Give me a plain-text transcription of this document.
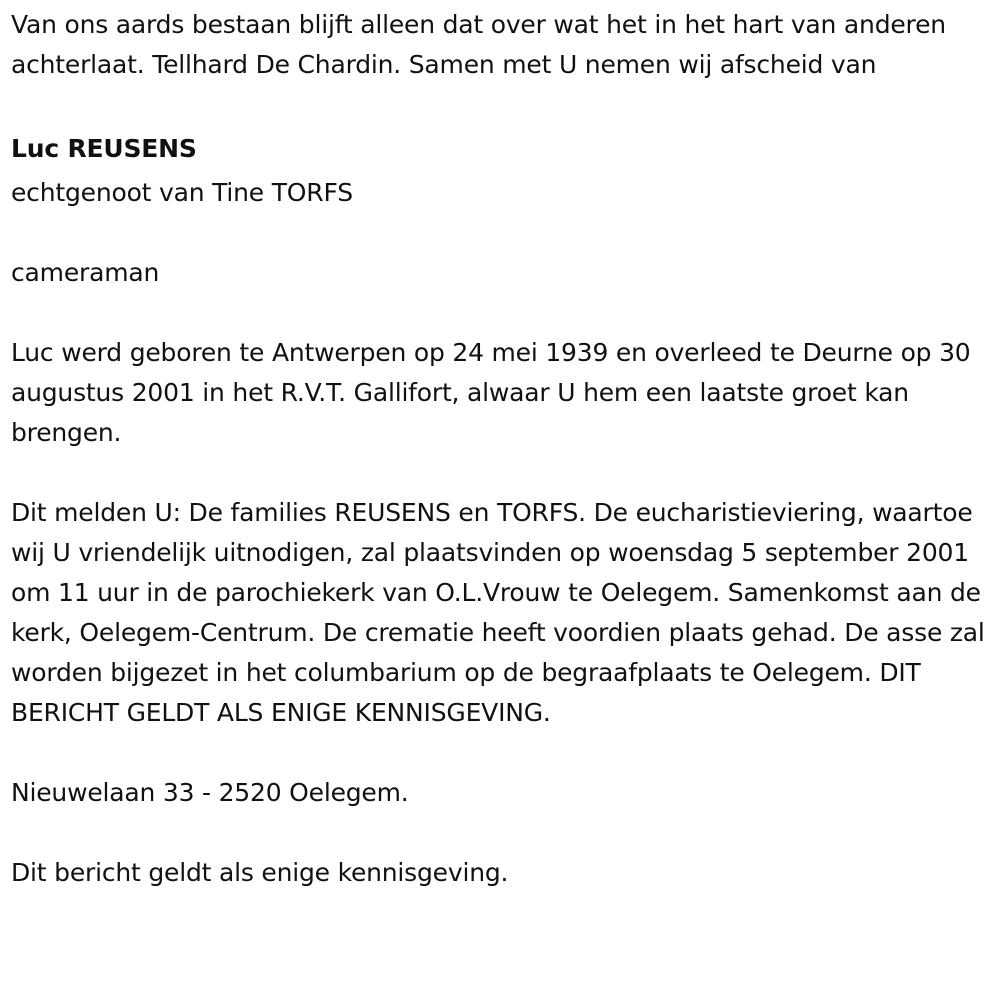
Van ons aards bestaan blijft alleen dat over wat het in het hart van anderen achterlaat. Tellhard De Chardin. Samen met U nemen wij afscheid van

Luc REUSENS

echtgenoot van Tine TORFS

cameraman

Luc werd geboren te Antwerpen op 24 mei 1939 en overleed te Deurne op 30 augustus 2001 in het R.V.T. Gallifort, alwaar U hem een laatste groet kan brengen.

Dit melden U: De families REUSENS en TORFS. De eucharistieviering, waartoe wij U vriendelijk uitnodigen, zal plaatsvinden op woensdag 5 september 2001 om 11 uur in de parochiekerk van O.L.Vrouw te Oelegem. Samenkomst aan de kerk, Oelegem-Centrum. De crematie heeft voordien plaats gehad. De asse zal worden bijgezet in het columbarium op de begraafplaats te Oelegem. DIT BERICHT GELDT ALS ENIGE KENNISGEVING.

Nieuwelaan 33 - 2520 Oelegem.

Dit bericht geldt als enige kennisgeving.
